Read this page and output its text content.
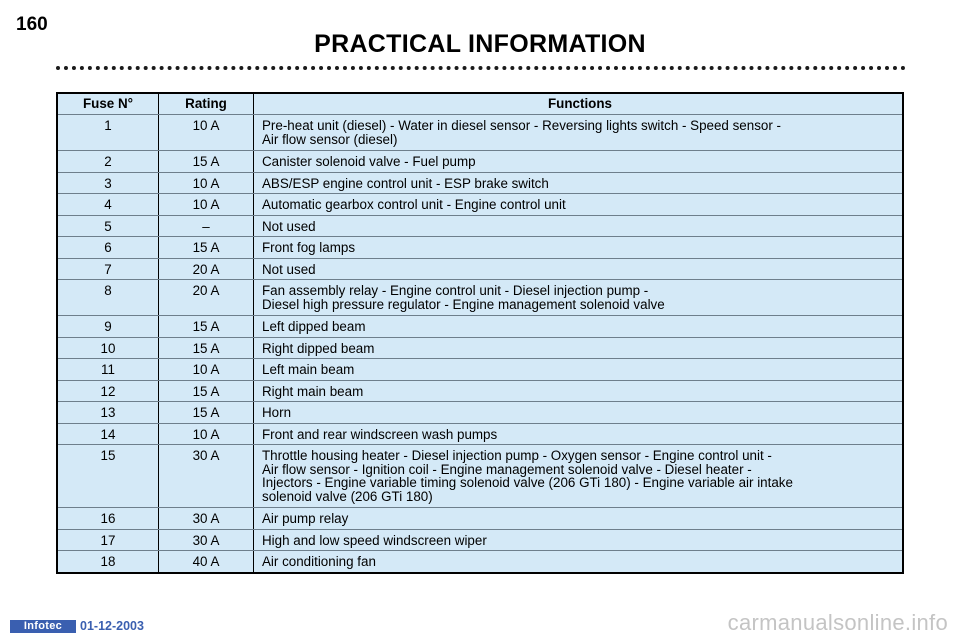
160
PRACTICAL INFORMATION
Fuse N°	Rating	Functions
1	10 A	Pre-heat unit (diesel) - Water in diesel sensor - Reversing lights switch - Speed sensor -
Air flow sensor (diesel)

2	15 A	Canister solenoid valve - Fuel pump

3	10 A	ABS/ESP engine control unit - ESP brake switch

4	10 A	Automatic gearbox control unit - Engine control unit

5	–	Not used

6	15 A	Front fog lamps

7	20 A	Not used

8	20 A	Fan assembly relay - Engine control unit - Diesel injection pump -
Diesel high pressure regulator - Engine management solenoid valve

9	15 A	Left dipped beam

10	15 A	Right dipped beam

11	10 A	Left main beam

12	15 A	Right main beam

13	15 A	Horn

14	10 A	Front and rear windscreen wash pumps

15	30 A	Throttle housing heater - Diesel injection pump - Oxygen sensor - Engine control unit -
Air flow sensor - Ignition coil - Engine management solenoid valve - Diesel heater -
Injectors - Engine variable timing solenoid valve (206 GTi 180) - Engine variable air intake
solenoid valve (206 GTi 180)

16	30 A	Air pump relay

17	30 A	High and low speed windscreen wiper

18	40 A	Air conditioning fan
Infotec	01-12-2003	carmanualsonline.info
